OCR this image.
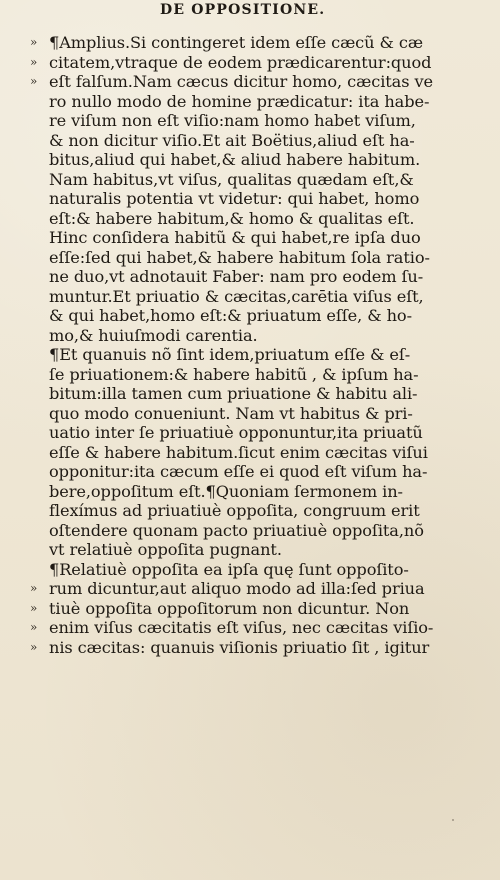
DE OPPOSITIONE.
» ¶Amplius.Si contingeret idem eſſe cæcũ & cæ
» citatem,vtraque de eodem prædicarentur:quod
» eſt falſum.Nam cæcus dicitur homo, cæcitas ve
ro nullo modo de homine prædicatur: ita habe-
re viſum non eſt viſio:nam homo habet viſum,
& non dicitur viſio.Et ait Boëtius,aliud eſt ha-
bitus,aliud qui habet,& aliud habere habitum.
Nam habitus,vt viſus, qualitas quædam eſt,&
naturalis potentia vt videtur: qui habet, homo
eſt:& habere habitum,& homo & qualitas eſt.
Hinc conſidera habitũ & qui habet,re ipſa duo
eſſe:ſed qui habet,& habere habitum ſola ratio-
ne duo,vt adnotauit Faber: nam pro eodem ſu-
muntur.Et priuatio & cæcitas,carētia viſus eſt,
& qui habet,homo eſt:& priuatum eſſe, & ho-
mo,& huiuſmodi carentia.
¶Et quanuis nõ ſint idem,priuatum eſſe & eſ-
ſe priuationem:& habere habitũ , & ipſum ha-
bitum:illa tamen cum priuatione & habitu ali-
quo modo conueniunt. Nam vt habitus & pri-
uatio inter ſe priuatiuè opponuntur,ita priuatũ
eſſe & habere habitum.ſicut enim cæcitas viſui
opponitur:ita cæcum eſſe ei quod eſt viſum ha-
bere,oppoſitum eſt.¶Quoniam ſermonem in-
flexímus ad priuatiuè oppoſita, congruum erit
oſtendere quonam pacto priuatiuè oppoſita,nõ
vt relatiuè oppoſita pugnant.
¶Relatiuè oppoſita ea ipſa quę ſunt oppoſito-
» rum dicuntur,aut aliquo modo ad illa:ſed priua
» tiuè oppoſita oppoſitorum non dicuntur. Non
» enim viſus cæcitatis eſt viſus, nec cæcitas viſio-
» nis cæcitas: quanuis viſionis priuatio ſit , igitur
